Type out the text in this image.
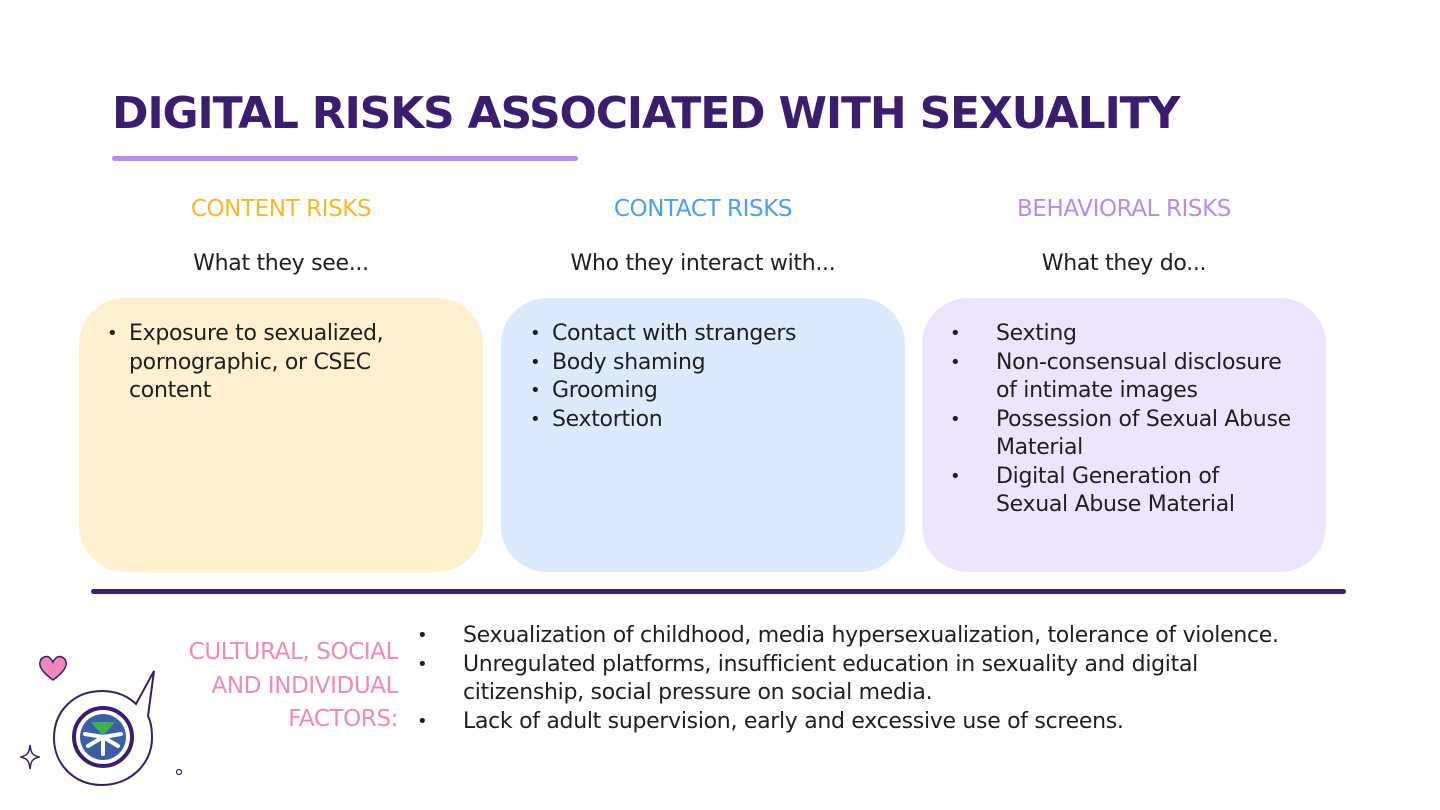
DIGITAL RISKS ASSOCIATED WITH SEXUALITY
CONTENT RISKS	CONTACT RISKS	BEHAVIORAL RISKS
What they see...	Who they interact with...	What they do...
• Exposure to sexualized, pornographic, or CSEC content
• Contact with strangers
• Body shaming
• Grooming
• Sextortion
• Sexting
• Non-consensual disclosure of intimate images
• Possession of Sexual Abuse Material
• Digital Generation of Sexual Abuse Material

CULTURAL, SOCIAL AND INDIVIDUAL FACTORS:

• Sexualization of childhood, media hypersexualization, tolerance of violence.
• Unregulated platforms, insufficient education in sexuality and digital citizenship, social pressure on social media.
• Lack of adult supervision, early and excessive use of screens.
